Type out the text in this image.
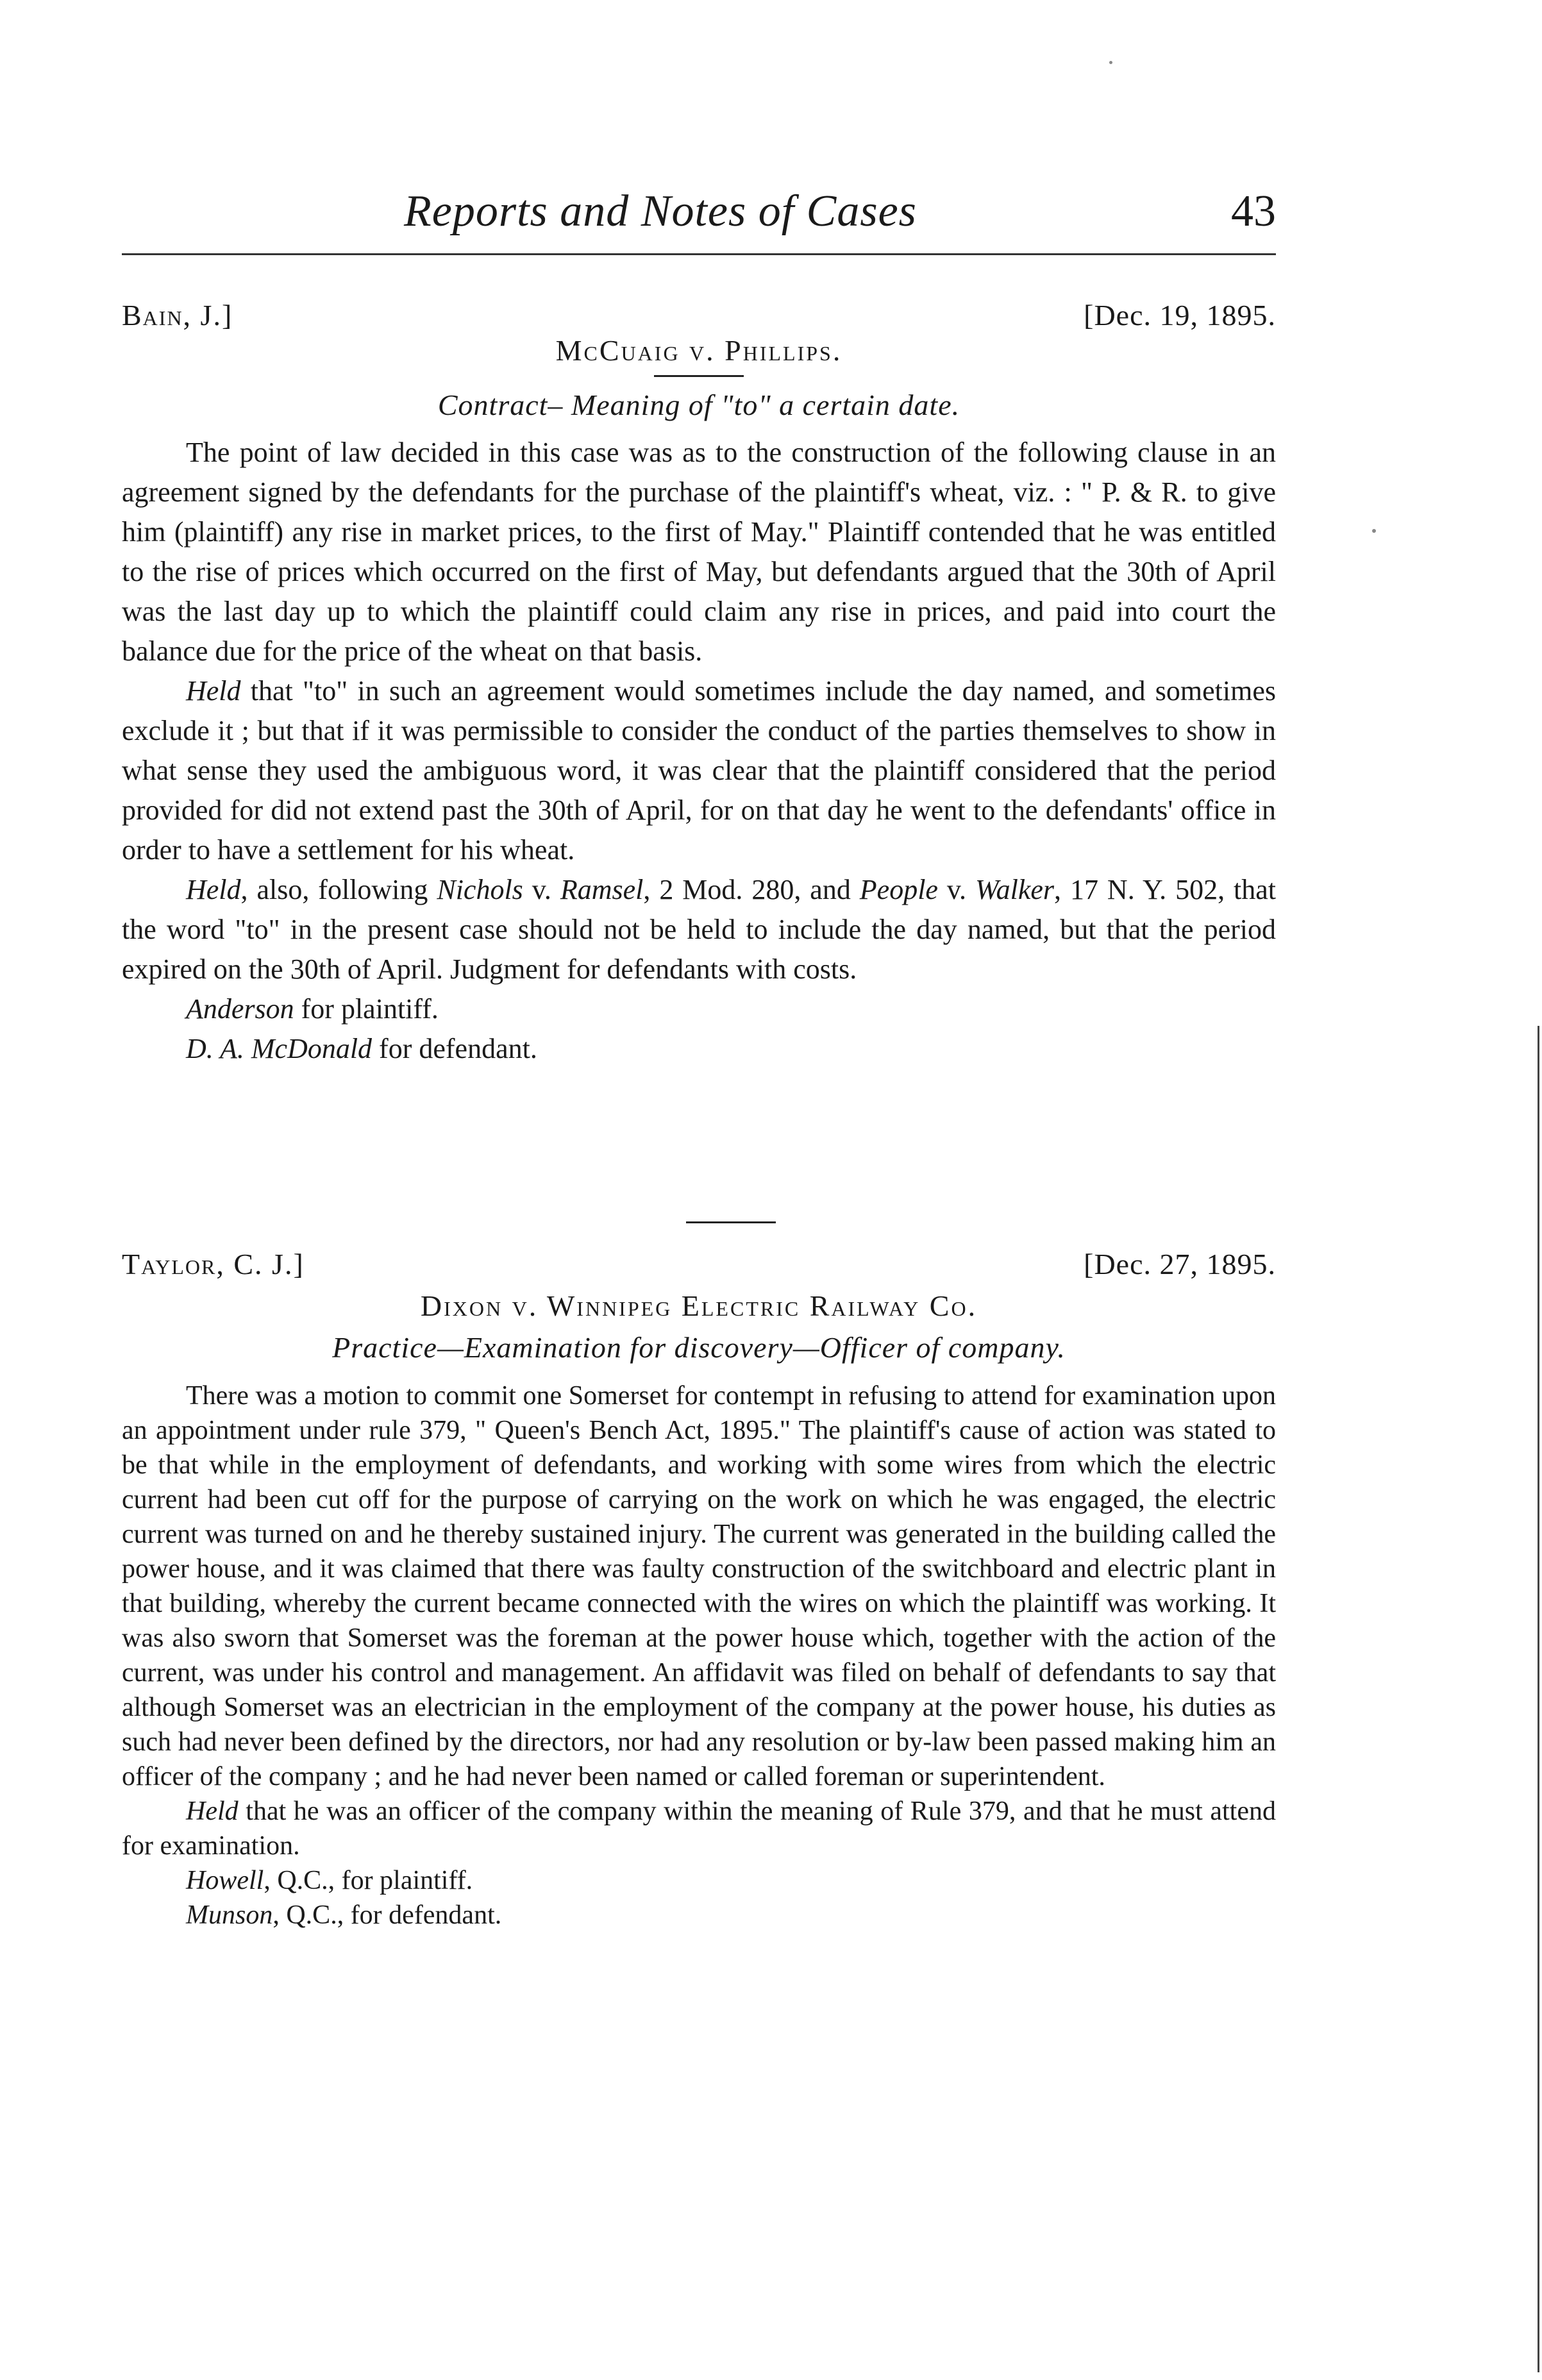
Reports and Notes of Cases	43
Bain, J.]	[Dec. 19, 1895.
McCuaig v. Phillips.
Contract– Meaning of "to" a certain date.

The point of law decided in this case was as to the construction of the following clause in an agreement signed by the defendants for the purchase of the plaintiff's wheat, viz. : " P. & R. to give him (plaintiff) any rise in market prices, to the first of May." Plaintiff contended that he was entitled to the rise of prices which occurred on the first of May, but defendants argued that the 30th of April was the last day up to which the plaintiff could claim any rise in prices, and paid into court the balance due for the price of the wheat on that basis.

Held that "to" in such an agreement would sometimes include the day named, and sometimes exclude it ; but that if it was permissible to consider the conduct of the parties themselves to show in what sense they used the ambiguous word, it was clear that the plaintiff considered that the period provided for did not extend past the 30th of April, for on that day he went to the defendants' office in order to have a settlement for his wheat.

Held, also, following Nichols v. Ramsel, 2 Mod. 280, and People v. Walker, 17 N. Y. 502, that the word "to" in the present case should not be held to include the day named, but that the period expired on the 30th of April. Judgment for defendants with costs.

Anderson for plaintiff.

D. A. McDonald for defendant.

Taylor, C. J.]	[Dec. 27, 1895.
Dixon v. Winnipeg Electric Railway Co.
Practice—Examination for discovery—Officer of company.

There was a motion to commit one Somerset for contempt in refusing to attend for examination upon an appointment under rule 379, " Queen's Bench Act, 1895." The plaintiff's cause of action was stated to be that while in the employment of defendants, and working with some wires from which the electric current had been cut off for the purpose of carrying on the work on which he was engaged, the electric current was turned on and he thereby sustained injury. The current was generated in the building called the power house, and it was claimed that there was faulty construction of the switchboard and electric plant in that building, whereby the current became connected with the wires on which the plaintiff was working. It was also sworn that Somerset was the foreman at the power house which, together with the action of the current, was under his control and management. An affidavit was filed on behalf of defendants to say that although Somerset was an electrician in the employment of the company at the power house, his duties as such had never been defined by the directors, nor had any resolution or by-law been passed making him an officer of the company ; and he had never been named or called foreman or superintendent.

Held that he was an officer of the company within the meaning of Rule 379, and that he must attend for examination.

Howell, Q.C., for plaintiff.

Munson, Q.C., for defendant.
